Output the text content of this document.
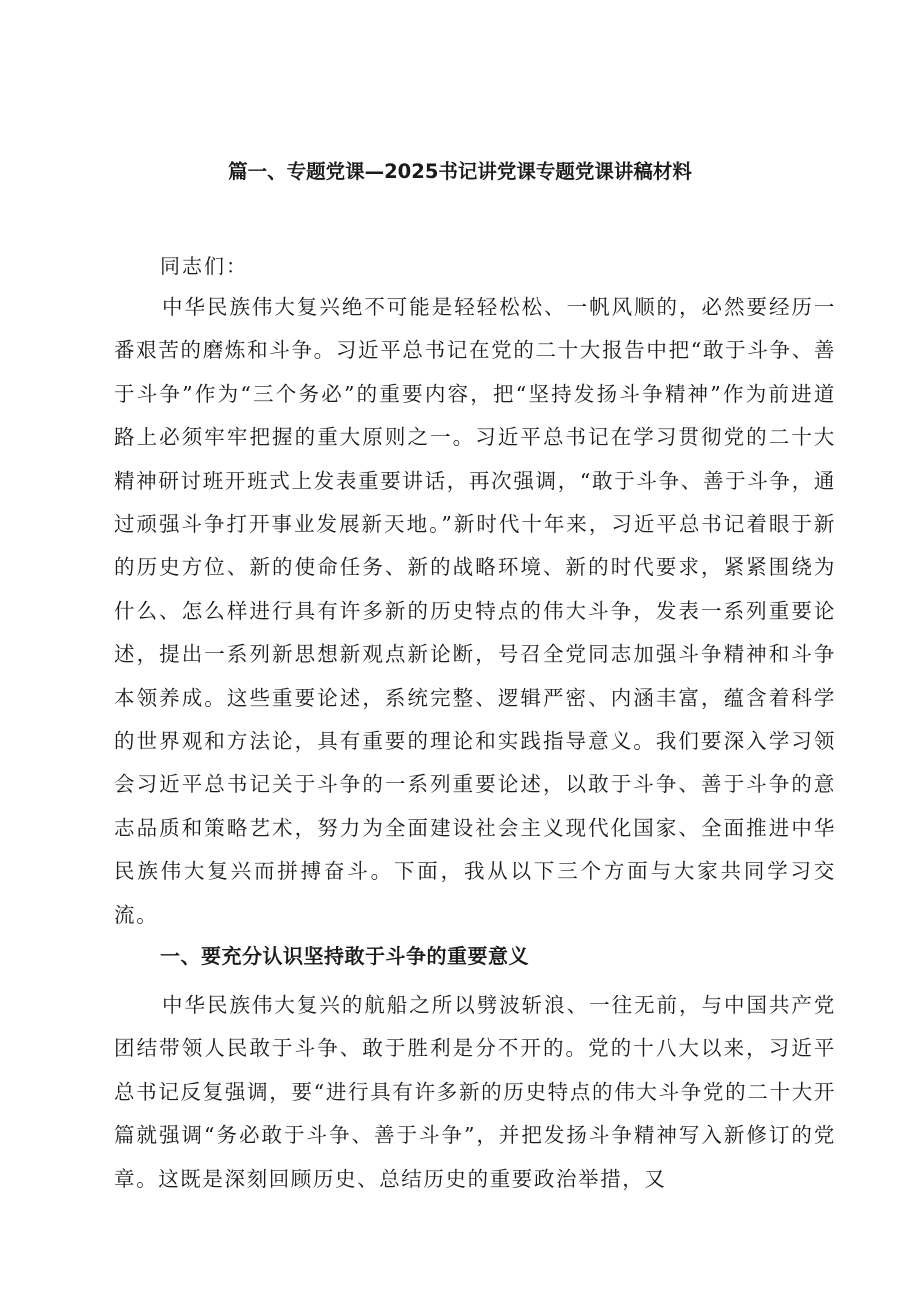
篇一、专题党课—2025书记讲党课专题党课讲稿材料
同志们：

中华民族伟大复兴绝不可能是轻轻松松、一帆风顺的，必然要经历一番艰苦的磨炼和斗争。习近平总书记在党的二十大报告中把“敢于斗争、善于斗争”作为“三个务必”的重要内容，把“坚持发扬斗争精神”作为前进道路上必须牢牢把握的重大原则之一。习近平总书记在学习贯彻党的二十大精神研讨班开班式上发表重要讲话，再次强调，“敢于斗争、善于斗争，通过顽强斗争打开事业发展新天地。”新时代十年来，习近平总书记着眼于新的历史方位、新的使命任务、新的战略环境、新的时代要求，紧紧围绕为什么、怎么样进行具有许多新的历史特点的伟大斗争，发表一系列重要论述，提出一系列新思想新观点新论断，号召全党同志加强斗争精神和斗争本领养成。这些重要论述，系统完整、逻辑严密、内涵丰富，蕴含着科学的世界观和方法论，具有重要的理论和实践指导意义。我们要深入学习领会习近平总书记关于斗争的一系列重要论述，以敢于斗争、善于斗争的意志品质和策略艺术，努力为全面建设社会主义现代化国家、全面推进中华民族伟大复兴而拼搏奋斗。下面，我从以下三个方面与大家共同学习交流。

一、要充分认识坚持敢于斗争的重要意义

中华民族伟大复兴的航船之所以劈波斩浪、一往无前，与中国共产党团结带领人民敢于斗争、敢于胜利是分不开的。党的十八大以来，习近平总书记反复强调，要“进行具有许多新的历史特点的伟大斗争党的二十大开篇就强调“务必敢于斗争、善于斗争”，并把发扬斗争精神写入新修订的党章。这既是深刻回顾历史、总结历史的重要政治举措，又
